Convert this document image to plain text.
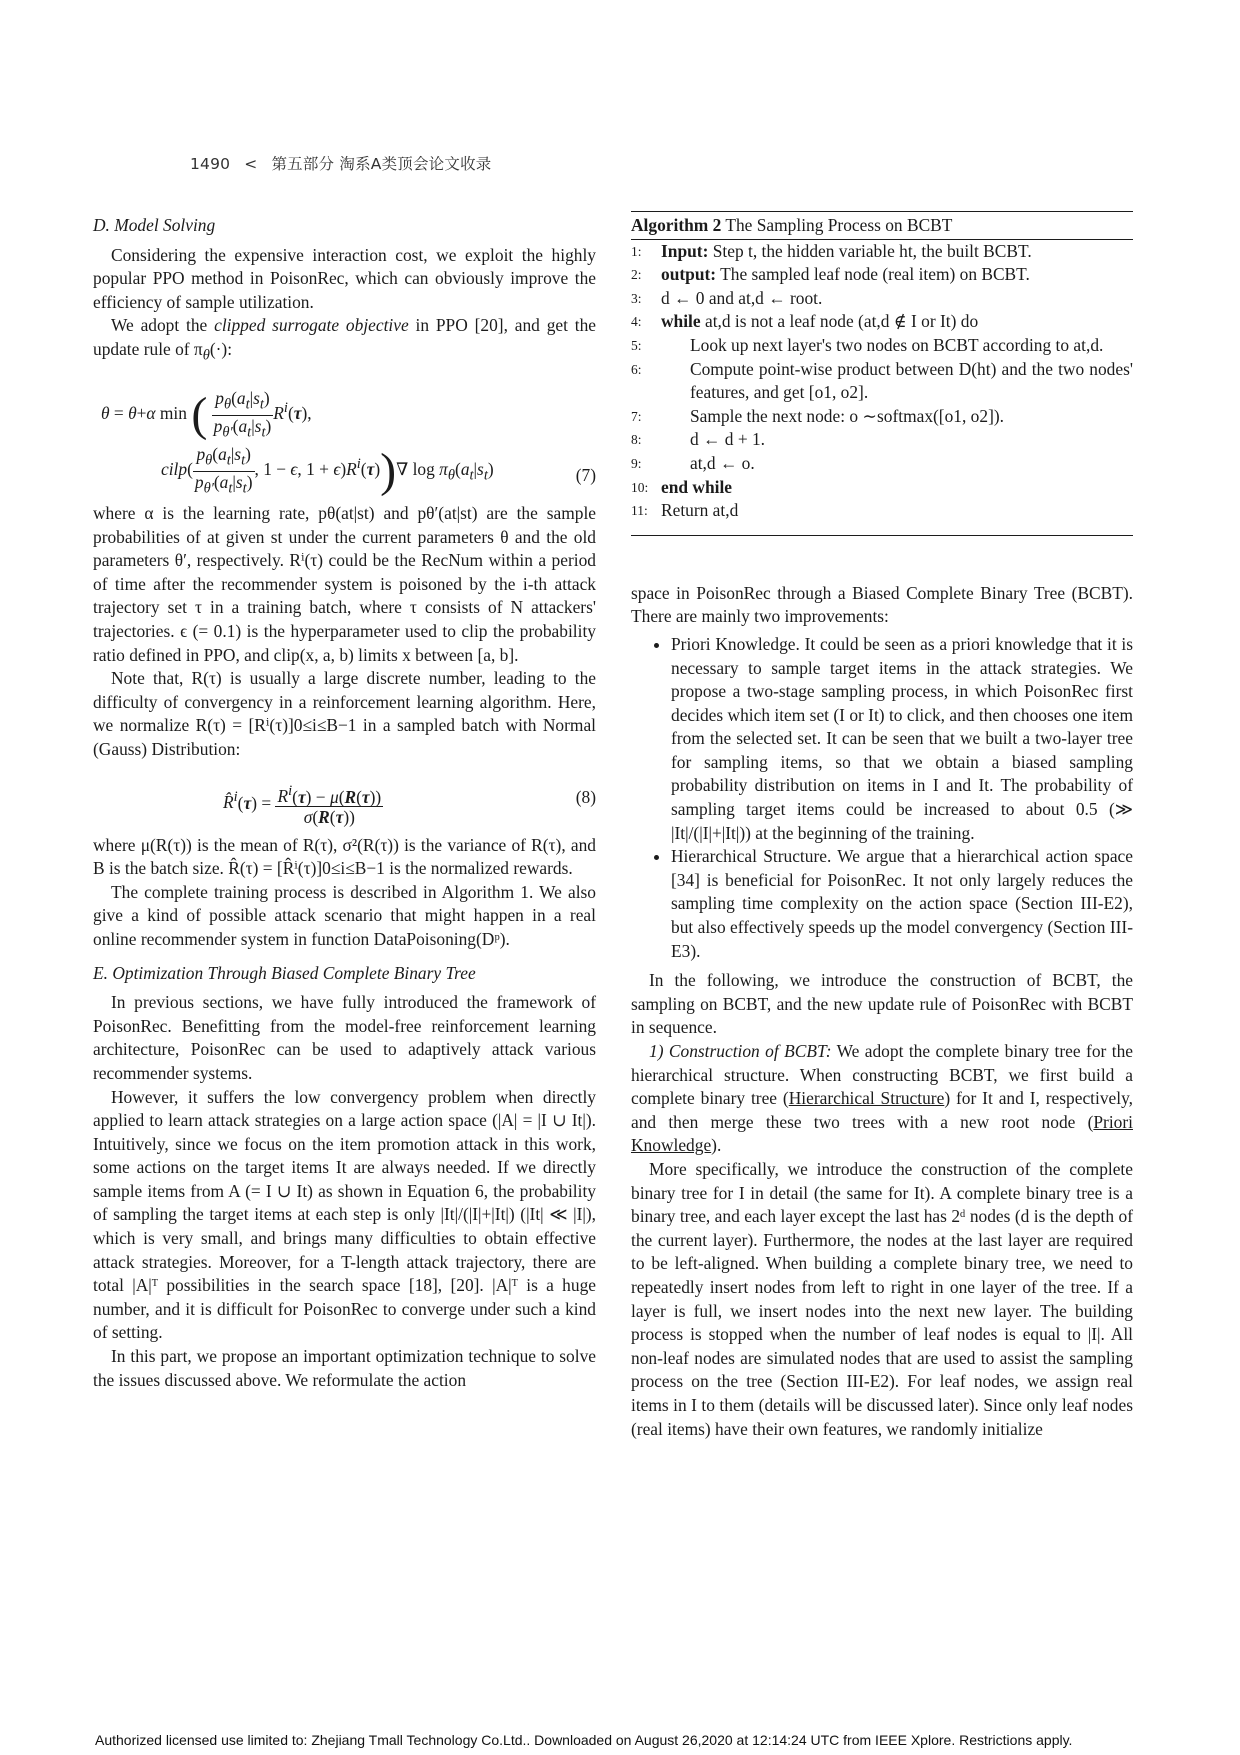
1490 < 第五部分 淘系A类顶会论文收录
D. Model Solving

Considering the expensive interaction cost, we exploit the highly popular PPO method in PoisonRec, which can obviously improve the efficiency of sample utilization.

We adopt the clipped surrogate objective in PPO [20], and get the update rule of $\pi_\theta(\cdot)$:

θ = θ+α min ( $\frac{p_\theta(a_t|s_t)}{p_{\theta'}(a_t|s_t)} R^i(\tau)$,
cilp( $\frac{p_\theta(a_t|s_t)}{p_{\theta'}(a_t|s_t)}$ , 1 − ϵ, $1 + \epsilon)R^i(\tau))\nabla$ $\log \pi_\theta(a_t|s_t)$	(7)

where α is the learning rate, pθ(at|st) and pθ′(at|st) are the sample probabilities of at given st under the current parameters θ and the old parameters θ′, respectively. Rⁱ(τ) could be the RecNum within a period of time after the recommender system is poisoned by the i-th attack trajectory set τ in a training batch, where τ consists of N attackers' trajectories. ϵ (= 0.1) is the hyperparameter used to clip the probability ratio defined in PPO, and clip(x, a, b) limits x between [a, b].

Note that, R(τ) is usually a large discrete number, leading to the difficulty of convergency in a reinforcement learning algorithm. Here, we normalize R(τ) = [Rⁱ(τ)]0≤i≤B−1 in a sampled batch with Normal (Gauss) Distribution:

R̂$^i$(τ) = $\frac{R^i(\tau) - \mu(R(\tau))}{\sigma(R(\tau))}$	(8)

where μ(R(τ)) is the mean of R(τ), σ²(R(τ)) is the variance of R(τ), and B is the batch size. R̂(τ) = [R̂ⁱ(τ)]0≤i≤B−1 is the normalized rewards.

The complete training process is described in Algorithm 1. We also give a kind of possible attack scenario that might happen in a real online recommender system in function DataPoisoning(Dᵖ).

E. Optimization Through Biased Complete Binary Tree

In previous sections, we have fully introduced the framework of PoisonRec. Benefitting from the model-free reinforcement learning architecture, PoisonRec can be used to adaptively attack various recommender systems.

However, it suffers the low convergency problem when directly applied to learn attack strategies on a large action space (|A| = |I ∪ It|). Intuitively, since we focus on the item promotion attack in this work, some actions on the target items It are always needed. If we directly sample items from A (= I ∪ It) as shown in Equation 6, the probability of sampling the target items at each step is only |It|/(|I|+|It|) (|It| ≪ |I|), which is very small, and brings many difficulties to obtain effective attack strategies. Moreover, for a T-length attack trajectory, there are total |A|ᵀ possibilities in the search space [18], [20]. |A|ᵀ is a huge number, and it is difficult for PoisonRec to converge under such a kind of setting.

In this part, we propose an important optimization technique to solve the issues discussed above. We reformulate the action

Algorithm 2 The Sampling Process on BCBT
1:	Input: Step t, the hidden variable ht, the built BCBT.
2:	output: The sampled leaf node (real item) on BCBT.
3:	d ← 0 and at,d ← root.
4:	while at,d is not a leaf node (at,d ∉ I or It) do
5:	Look up next layer's two nodes on BCBT according to at,d.
6:	Compute point-wise product between D(ht) and the two nodes' features, and get [o1, o2].
7:	Sample the next node: o ∼softmax([o1, o2]).
8:	d ← d + 1.
9:	at,d ← o.
10: end while
11: Return at,d

space in PoisonRec through a Biased Complete Binary Tree (BCBT). There are mainly two improvements:

• Priori Knowledge. It could be seen as a priori knowledge that it is necessary to sample target items in the attack strategies. We propose a two-stage sampling process, in which PoisonRec first decides which item set (I or It) to click, and then chooses one item from the selected set. It can be seen that we built a two-layer tree for sampling items, so that we obtain a biased sampling probability distribution on items in I and It. The probability of sampling target items could be increased to about 0.5 (≫ |It|/(|I|+|It|)) at the beginning of the training.
• Hierarchical Structure. We argue that a hierarchical action space [34] is beneficial for PoisonRec. It not only largely reduces the sampling time complexity on the action space (Section III-E2), but also effectively speeds up the model convergency (Section III-E3).

In the following, we introduce the construction of BCBT, the sampling on BCBT, and the new update rule of PoisonRec with BCBT in sequence.

1) Construction of BCBT: We adopt the complete binary tree for the hierarchical structure. When constructing BCBT, we first build a complete binary tree (Hierarchical Structure) for It and I, respectively, and then merge these two trees with a new root node (Priori Knowledge).

More specifically, we introduce the construction of the complete binary tree for I in detail (the same for It). A complete binary tree is a binary tree, and each layer except the last has 2ᵈ nodes (d is the depth of the current layer). Furthermore, the nodes at the last layer are required to be left-aligned. When building a complete binary tree, we need to repeatedly insert nodes from left to right in one layer of the tree. If a layer is full, we insert nodes into the next new layer. The building process is stopped when the number of leaf nodes is equal to |I|. All non-leaf nodes are simulated nodes that are used to assist the sampling process on the tree (Section III-E2). For leaf nodes, we assign real items in I to them (details will be discussed later). Since only leaf nodes (real items) have their own features, we randomly initialize

Authorized licensed use limited to: Zhejiang Tmall Technology Co.Ltd.. Downloaded on August 26,2020 at 12:14:24 UTC from IEEE Xplore. Restrictions apply.
